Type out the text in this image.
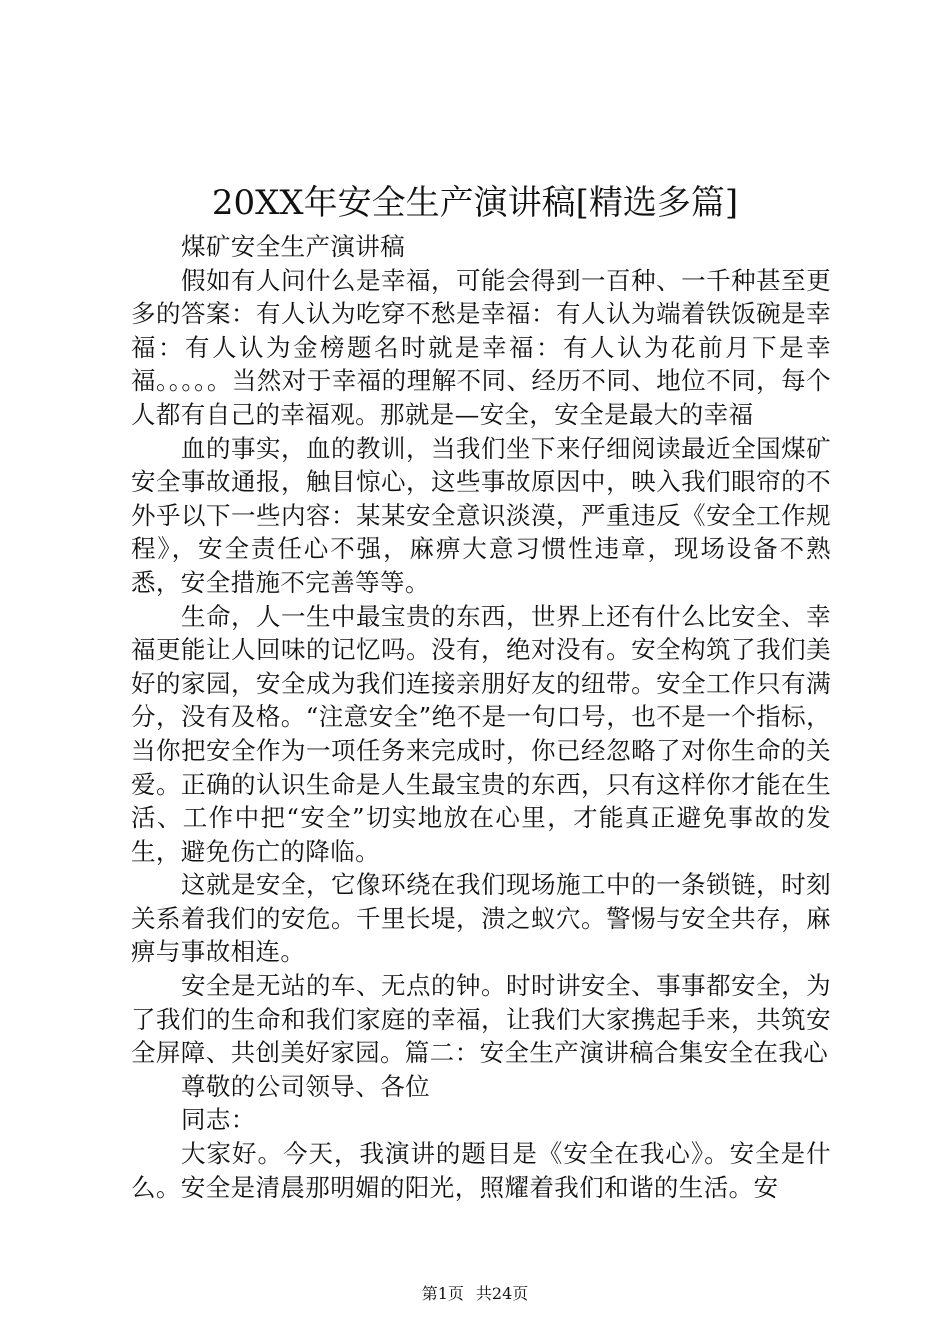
20XX年安全生产演讲稿[精选多篇]

煤矿安全生产演讲稿

假如有人问什么是幸福，可能会得到一百种、一千种甚至更多的答案：有人认为吃穿不愁是幸福：有人认为端着铁饭碗是幸福：有人认为金榜题名时就是幸福：有人认为花前月下是幸福。。。。。当然对于幸福的理解不同、经历不同、地位不同，每个人都有自己的幸福观。那就是—安全，安全是最大的幸福

血的事实，血的教训，当我们坐下来仔细阅读最近全国煤矿安全事故通报，触目惊心，这些事故原因中，映入我们眼帘的不外乎以下一些内容：某某安全意识淡漠，严重违反《安全工作规程》，安全责任心不强，麻痹大意习惯性违章，现场设备不熟悉，安全措施不完善等等。

生命，人一生中最宝贵的东西，世界上还有什么比安全、幸福更能让人回味的记忆吗。没有，绝对没有。安全构筑了我们美好的家园，安全成为我们连接亲朋好友的纽带。安全工作只有满分，没有及格。“注意安全”绝不是一句口号，也不是一个指标，当你把安全作为一项任务来完成时，你已经忽略了对你生命的关爱。正确的认识生命是人生最宝贵的东西，只有这样你才能在生活、工作中把“安全”切实地放在心里，才能真正避免事故的发生，避免伤亡的降临。

这就是安全，它像环绕在我们现场施工中的一条锁链，时刻关系着我们的安危。千里长堤，溃之蚁穴。警惕与安全共存，麻痹与事故相连。

安全是无站的车、无点的钟。时时讲安全、事事都安全，为了我们的生命和我们家庭的幸福，让我们大家携起手来，共筑安全屏障、共创美好家园。篇二：安全生产演讲稿合集安全在我心

尊敬的公司领导、各位

同志：

大家好。今天，我演讲的题目是《安全在我心》。安全是什么。安全是清晨那明媚的阳光，照耀着我们和谐的生活。安

第1页 共24页
